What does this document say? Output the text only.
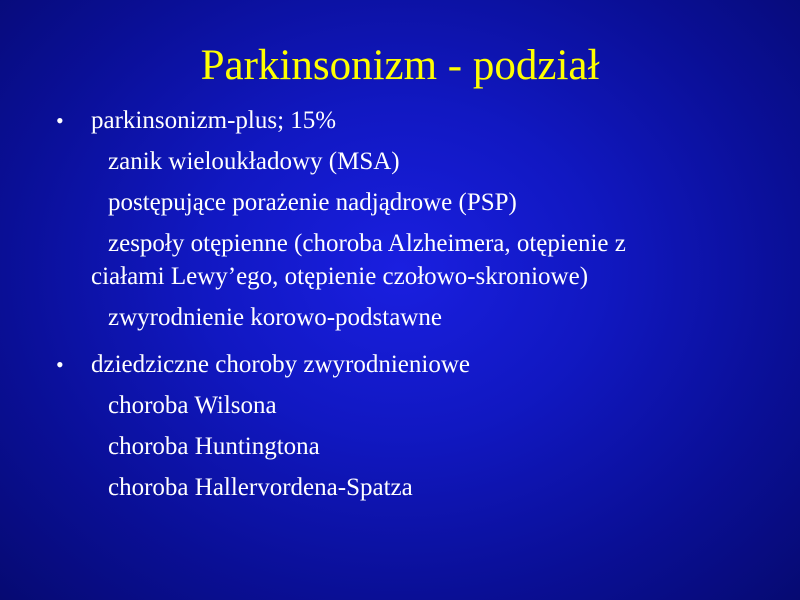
Parkinsonizm - podział
• parkinsonizm-plus; 15%
zanik wieloukładowy (MSA)
postępujące porażenie nadjądrowe (PSP)
zespoły otępienne (choroba Alzheimera, otępienie z ciałami Lewy’ego, otępienie czołowo-skroniowe)
zwyrodnienie korowo-podstawne
• dziedziczne choroby zwyrodnieniowe
choroba Wilsona
choroba Huntingtona
choroba Hallervordena-Spatza
